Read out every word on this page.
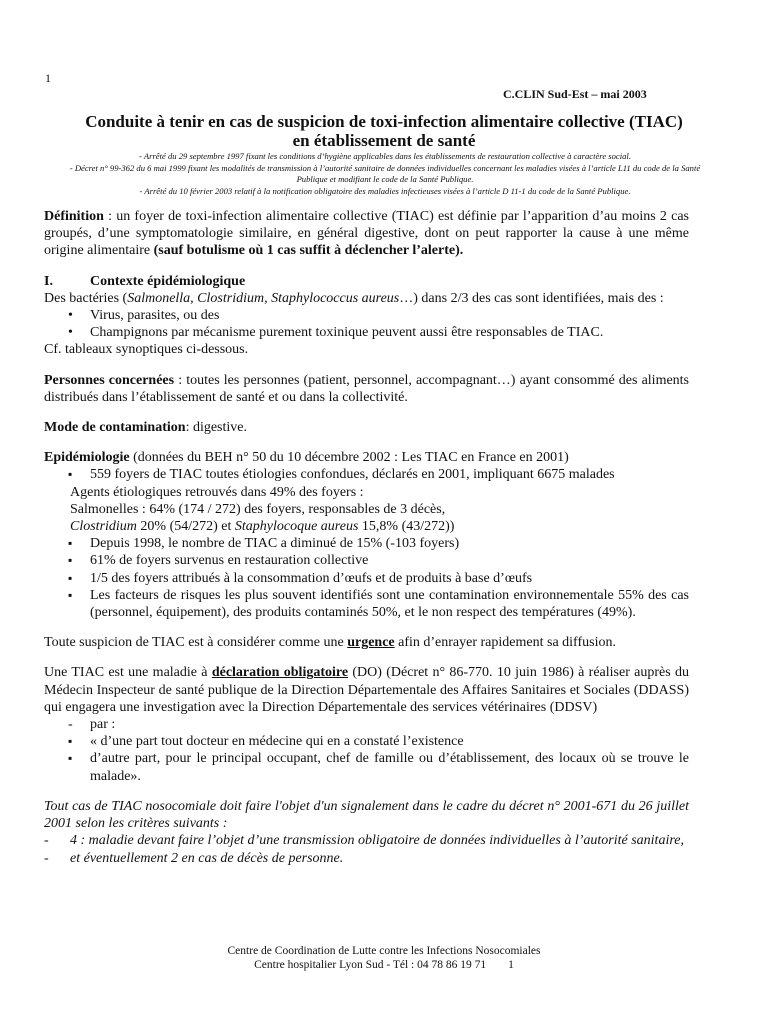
1
C.CLIN Sud-Est – mai 2003
Conduite à tenir en cas de suspicion de toxi-infection alimentaire collective (TIAC)
en établissement de santé
- Arrêté du 29 septembre 1997 fixant les conditions d’hygiène applicables dans les établissements de restauration collective à caractère social.
- Décret n° 99-362 du 6 mai 1999 fixant les modalités de transmission à l’autorité sanitaire de données individuelles concernant les maladies visées à l’article L11 du code de la Santé Publique et modifiant le code de la Santé Publique.
- Arrêté du 10 février 2003 relatif à la notification obligatoire des maladies infectieuses visées à l’article D 11-1 du code de la Santé Publique.

Définition : un foyer de toxi-infection alimentaire collective (TIAC) est définie par l’apparition d’au moins 2 cas groupés, d’une symptomatologie similaire, en général digestive, dont on peut rapporter la cause à une même origine alimentaire (sauf botulisme où 1 cas suffit à déclencher l’alerte).

I.	Contexte épidémiologique

Des bactéries (Salmonella, Clostridium, Staphylococcus aureus…) dans 2/3 des cas sont identifiées, mais des :

• Virus, parasites, ou des
• Champignons par mécanisme purement toxinique peuvent aussi être responsables de TIAC.

Cf. tableaux synoptiques ci-dessous.

Personnes concernées : toutes les personnes (patient, personnel, accompagnant…) ayant consommé des aliments distribués dans l’établissement de santé et ou dans la collectivité.

Mode de contamination: digestive.

Epidémiologie (données du BEH n° 50 du 10 décembre 2002 : Les TIAC en France en 2001)

▪ 559 foyers de TIAC toutes étiologies confondues, déclarés en 2001, impliquant 6675 malades

Agents étiologiques retrouvés dans 49% des foyers :

Salmonelles : 64% (174 / 272) des foyers, responsables de 3 décès,

Clostridium 20% (54/272) et Staphylocoque aureus 15,8% (43/272))

▪ Depuis 1998, le nombre de TIAC a diminué de 15% (-103 foyers)
▪ 61% de foyers survenus en restauration collective
▪ 1/5 des foyers attribués à la consommation d’œufs et de produits à base d’œufs
▪ Les facteurs de risques les plus souvent identifiés sont une contamination environnementale 55% des cas (personnel, équipement), des produits contaminés 50%, et le non respect des températures (49%).

Toute suspicion de TIAC est à considérer comme une urgence afin d’enrayer rapidement sa diffusion.

Une TIAC est une maladie à déclaration obligatoire (DO) (Décret n° 86-770. 10 juin 1986) à réaliser auprès du Médecin Inspecteur de santé publique de la Direction Départementale des Affaires Sanitaires et Sociales (DDASS) qui engagera une investigation avec la Direction Départementale des services vétérinaires (DDSV)

- par :
▪ « d’une part tout docteur en médecine qui en a constaté l’existence
▪ d’autre part, pour le principal occupant, chef de famille ou d’établissement, des locaux où se trouve le malade».

Tout cas de TIAC nosocomiale doit faire l'objet d'un signalement dans le cadre du décret n° 2001-671 du 26 juillet 2001 selon les critères suivants :

- 4 : maladie devant faire l’objet d’une transmission obligatoire de données individuelles à l’autorité sanitaire,
- et éventuellement 2 en cas de décès de personne.
Centre de Coordination de Lutte contre les Infections Nosocomiales
Centre hospitalier Lyon Sud - Tél : 04 78 86 19 71 1
